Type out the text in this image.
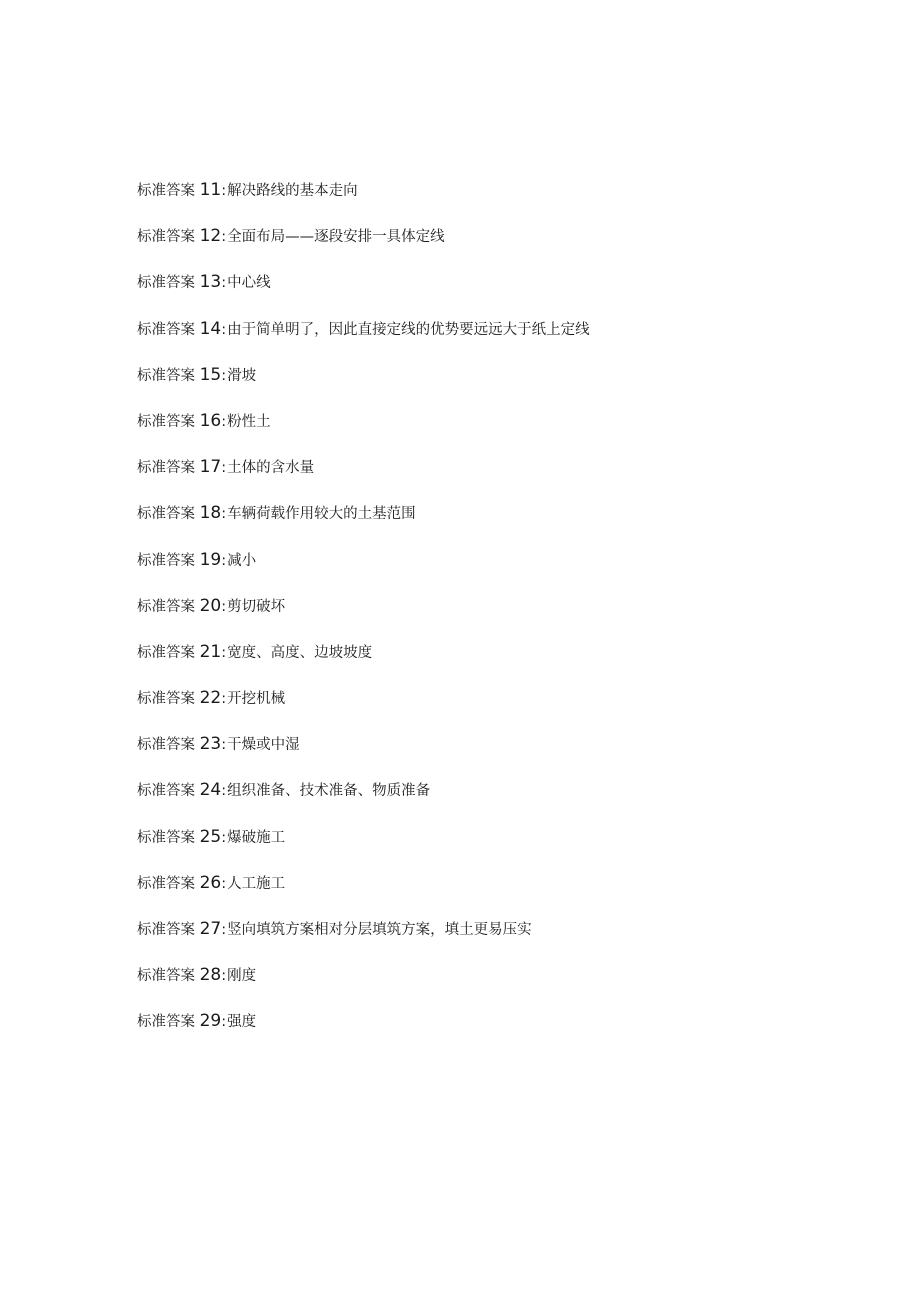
标准答案 11:解决路线的基本走向
标准答案 12:全面布局——逐段安排一具体定线
标准答案 13:中心线
标准答案 14:由于简单明了，因此直接定线的优势要远远大于纸上定线
标准答案 15:滑坡
标准答案 16:粉性土
标准答案 17:土体的含水量
标准答案 18:车辆荷载作用较大的土基范围
标准答案 19:减小
标准答案 20:剪切破坏
标准答案 21:宽度、高度、边坡坡度
标准答案 22:开挖机械
标准答案 23:干燥或中湿
标准答案 24:组织准备、技术准备、物质准备
标准答案 25:爆破施工
标准答案 26:人工施工
标准答案 27:竖向填筑方案相对分层填筑方案，填土更易压实
标准答案 28:刚度
标准答案 29:强度
